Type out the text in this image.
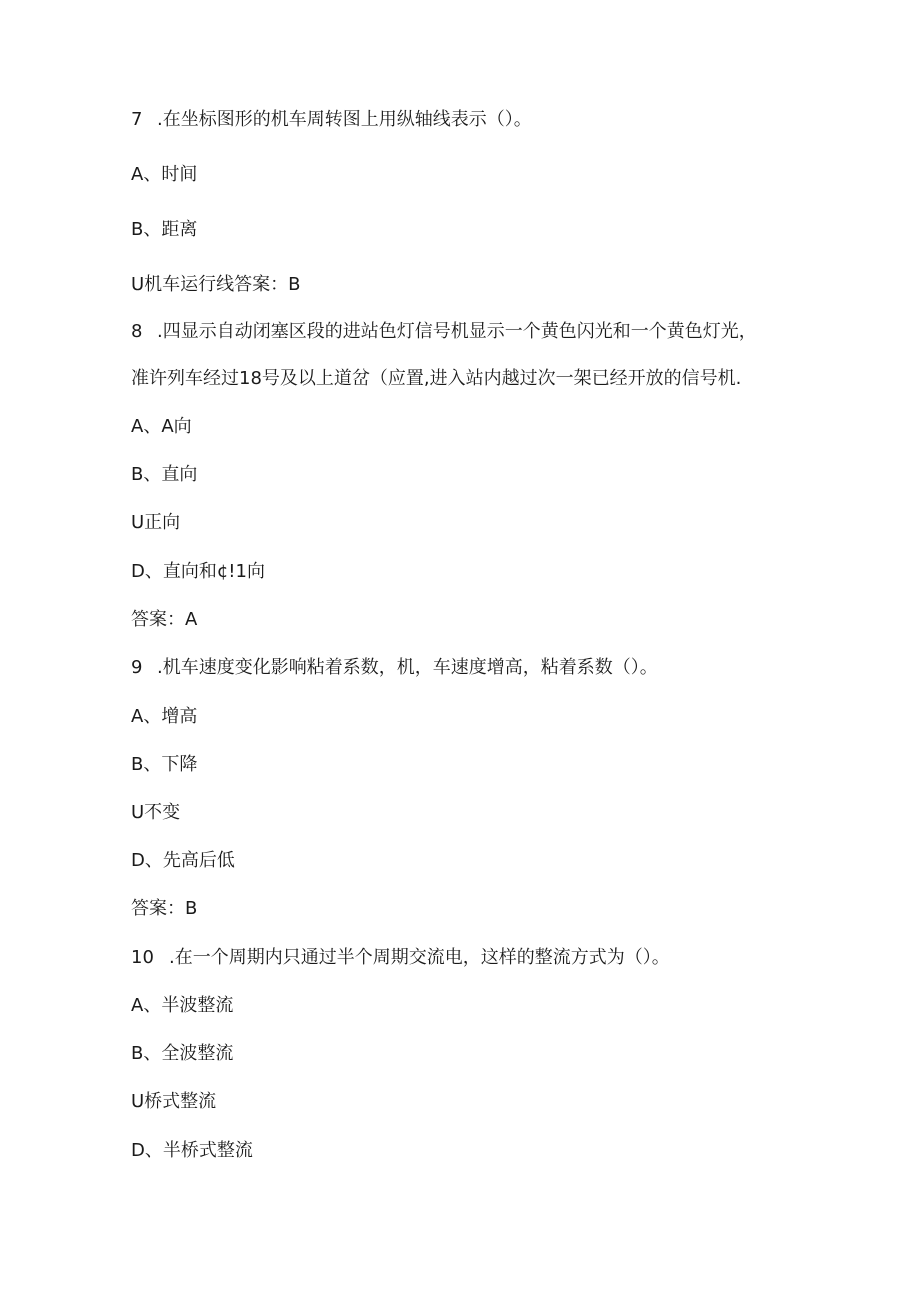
7 .在坐标图形的机车周转图上用纵轴线表示（）。
A、时间
B、距离
U机车运行线答案：B
8 .四显示自动闭塞区段的进站色灯信号机显示一个黄色闪光和一个黄色灯光，
准许列车经过18号及以上道岔（应置,进入站内越过次一架已经开放的信号机.
A、A向
B、直向
U正向
D、直向和¢!1向
答案：A
9 .机车速度变化影响粘着系数，机，车速度增高，粘着系数（）。
A、增高
B、下降
U不变
D、先高后低
答案：B
10 .在一个周期内只通过半个周期交流电，这样的整流方式为（）。
A、半波整流
B、全波整流
U桥式整流
D、半桥式整流
